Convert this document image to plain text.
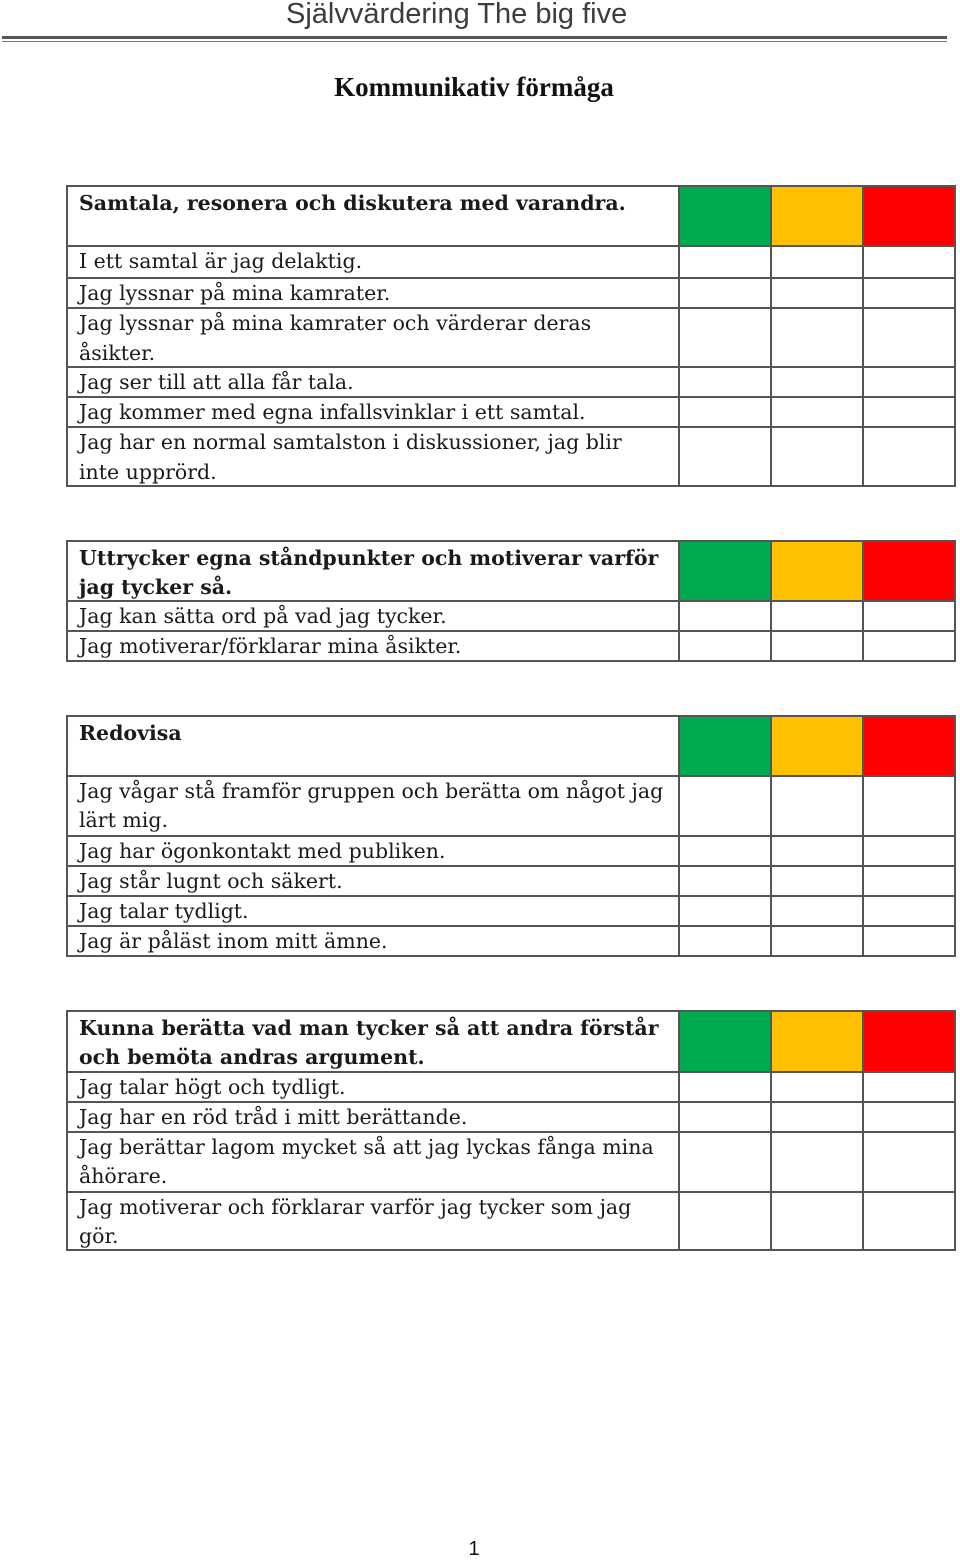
Självvärdering The big five
Kommunikativ förmåga
Samtala, resonera och diskutera med varandra.
I ett samtal är jag delaktig.
Jag lyssnar på mina kamrater.
Jag lyssnar på mina kamrater och värderar deras åsikter.
Jag ser till att alla får tala.
Jag kommer med egna infallsvinklar i ett samtal.
Jag har en normal samtalston i diskussioner, jag blir inte upprörd.
Uttrycker egna ståndpunkter och motiverar varför jag tycker så.
Jag kan sätta ord på vad jag tycker.
Jag motiverar/förklarar mina åsikter.
Redovisa
Jag vågar stå framför gruppen och berätta om något jag lärt mig.
Jag har ögonkontakt med publiken.
Jag står lugnt och säkert.
Jag talar tydligt.
Jag är påläst inom mitt ämne.
Kunna berätta vad man tycker så att andra förstår och bemöta andras argument.
Jag talar högt och tydligt.
Jag har en röd tråd i mitt berättande.
Jag berättar lagom mycket så att jag lyckas fånga mina åhörare.
Jag motiverar och förklarar varför jag tycker som jag gör.
1
